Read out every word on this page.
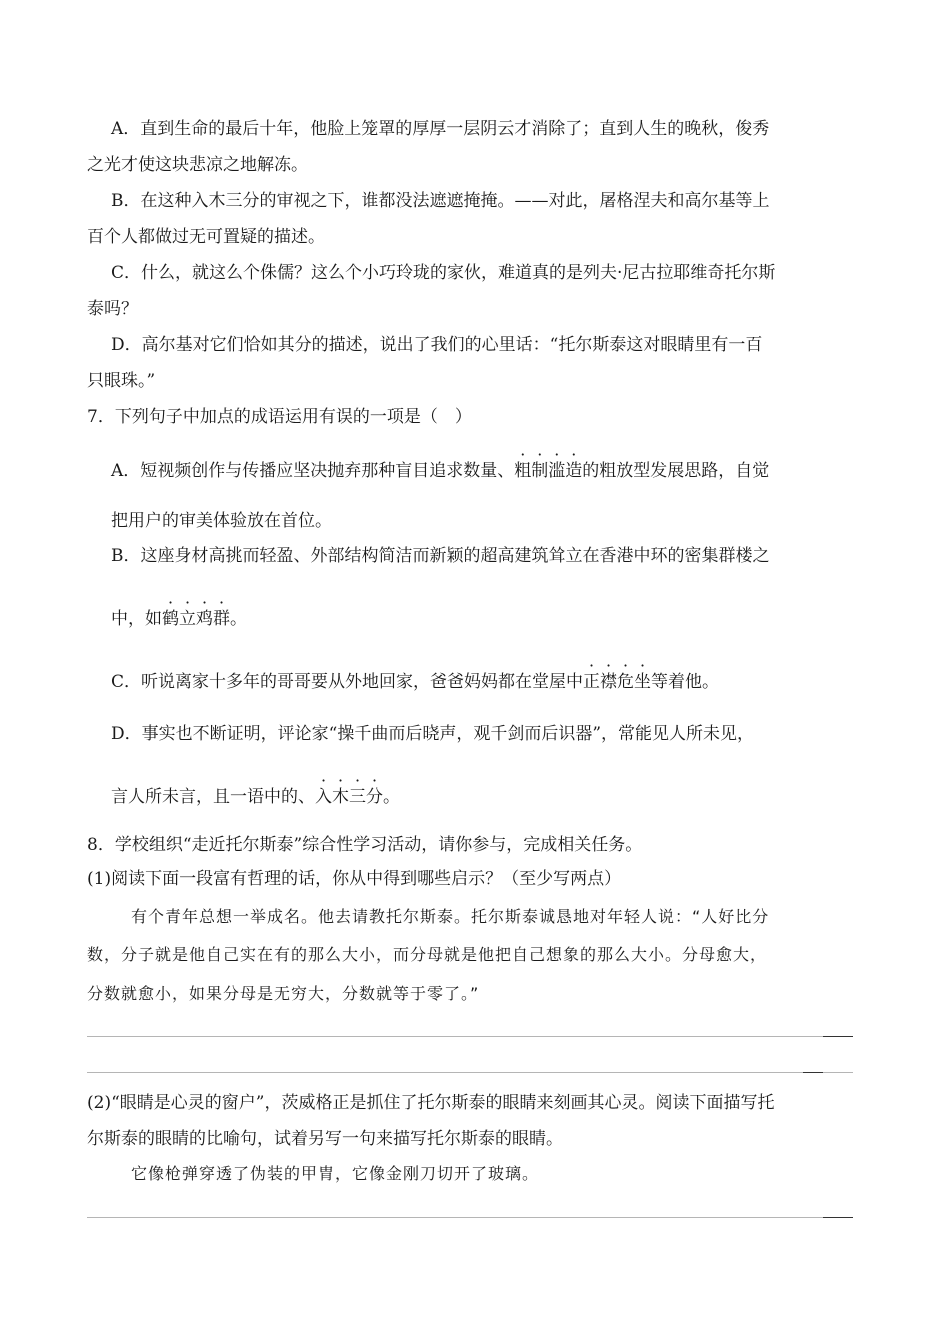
A．直到生命的最后十年，他脸上笼罩的厚厚一层阴云才消除了；直到人生的晚秋，俊秀
之光才使这块悲凉之地解冻。
B．在这种入木三分的审视之下，谁都没法遮遮掩掩。——对此，屠格涅夫和高尔基等上
百个人都做过无可置疑的描述。
C．什么，就这么个侏儒？这么个小巧玲珑的家伙，难道真的是列夫·尼古拉耶维奇托尔斯
泰吗？
D．高尔基对它们恰如其分的描述，说出了我们的心里话：“托尔斯泰这对眼睛里有一百
只眼珠。”
7．下列句子中加点的成语运用有误的一项是（　）
A．短视频创作与传播应坚决抛弃那种盲目追求数量、粗制滥造的粗放型发展思路，自觉
把用户的审美体验放在首位。
B．这座身材高挑而轻盈、外部结构简洁而新颖的超高建筑耸立在香港中环的密集群楼之
中，如鹤立鸡群。
C．听说离家十多年的哥哥要从外地回家，爸爸妈妈都在堂屋中正襟危坐等着他。
D．事实也不断证明，评论家“操千曲而后晓声，观千剑而后识器”，常能见人所未见，
言人所未言，且一语中的、入木三分。
8．学校组织“走近托尔斯泰”综合性学习活动，请你参与，完成相关任务。
(1)阅读下面一段富有哲理的话，你从中得到哪些启示？（至少写两点）
有个青年总想一举成名。他去请教托尔斯泰。托尔斯泰诚恳地对年轻人说：“人好比分
数，分子就是他自己实在有的那么大小，而分母就是他把自己想象的那么大小。分母愈大，
分数就愈小，如果分母是无穷大，分数就等于零了。”
(2)“眼睛是心灵的窗户”，茨威格正是抓住了托尔斯泰的眼睛来刻画其心灵。阅读下面描写托
尔斯泰的眼睛的比喻句，试着另写一句来描写托尔斯泰的眼睛。
它像枪弹穿透了伪装的甲胄，它像金刚刀切开了玻璃。
